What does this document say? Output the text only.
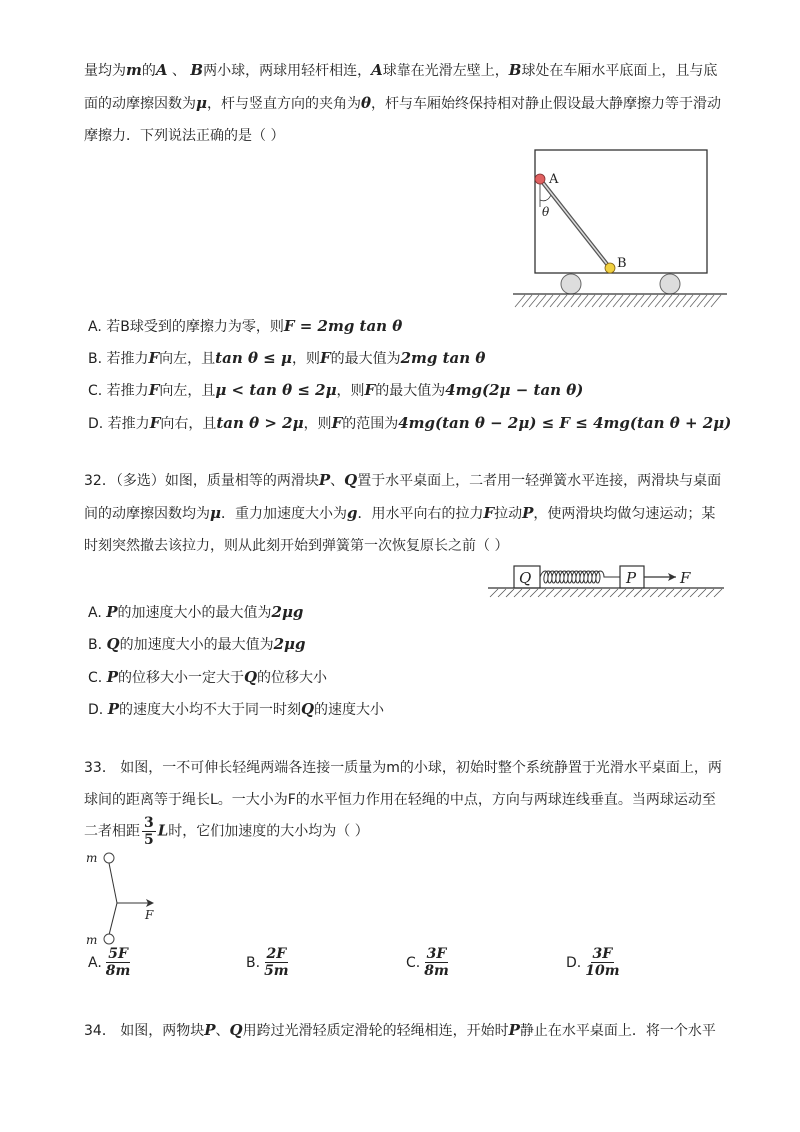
量均为m的A 、 B两小球，两球用轻杆相连，A球靠在光滑左壁上，B球处在车厢水平底面上，且与底
面的动摩擦因数为μ，杆与竖直方向的夹角为θ，杆与车厢始终保持相对静止假设最大静摩擦力等于滑动
摩擦力．下列说法正确的是（ ）
A
B
θ
A. 若B球受到的摩擦力为零，则F = 2mg tan θ
B. 若推力F向左，且tan θ ≤ μ，则F的最大值为2mg tan θ
C. 若推力F向左，且μ < tan θ ≤ 2μ，则F的最大值为4mg(2μ − tan θ)
D. 若推力F向右，且tan θ > 2μ，则F的范围为4mg(tan θ − 2μ) ≤ F ≤ 4mg(tan θ + 2μ)
32．（多选）如图，质量相等的两滑块P、Q置于水平桌面上，二者用一轻弹簧水平连接，两滑块与桌面
间的动摩擦因数均为μ．重力加速度大小为g．用水平向右的拉力F拉动P，使两滑块均做匀速运动；某
时刻突然撤去该拉力，则从此刻开始到弹簧第一次恢复原长之前（ ）
Q	P	F
A. P的加速度大小的最大值为2μg
B. Q的加速度大小的最大值为2μg
C. P的位移大小一定大于Q的位移大小
D. P的速度大小均不大于同一时刻Q的速度大小
33． 如图，一不可伸长轻绳两端各连接一质量为m的小球，初始时整个系统静置于光滑水平桌面上，两
球间的距离等于绳长L。一大小为F的水平恒力作用在轻绳的中点，方向与两球连线垂直。当两球运动至
二者相距 $\frac{3}{5}$ L时，它们加速度的大小均为（ ）
m
F
m
A. $\frac{5F}{8m}$	B. $\frac{2F}{5m}$	C. $\frac{3F}{8m}$	D. $\frac{3F}{10m}$
34． 如图，两物块P、Q用跨过光滑轻质定滑轮的轻绳相连，开始时P静止在水平桌面上．将一个水平
